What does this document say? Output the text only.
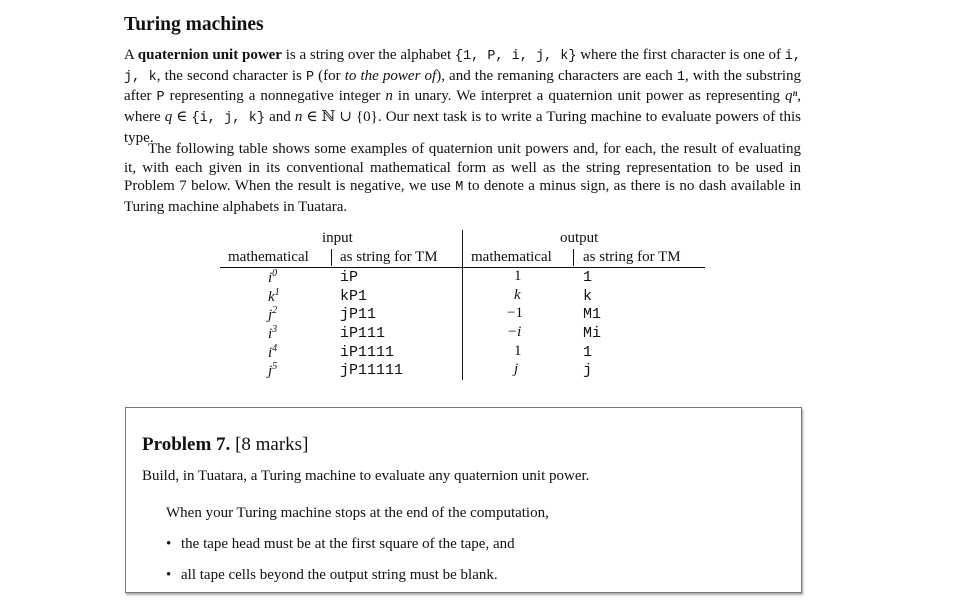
Turing machines

A quaternion unit power is a string over the alphabet {1, P, i, j, k} where the first character is one of i, j, k, the second character is P (for to the power of), and the remaning characters are each 1, with the substring after P representing a nonnegative integer n in unary. We interpret a quaternion unit power as representing qⁿ, where q ∈ {i, j, k} and n ∈ ℕ ∪ {0}. Our next task is to write a Turing machine to evaluate powers of this type.

The following table shows some examples of quaternion unit powers and, for each, the result of evaluating it, with each given in its conventional mathematical form as well as the string representation to be used in Problem 7 below. When the result is negative, we use M to denote a minus sign, as there is no dash available in Turing machine alphabets in Tuatara.

input	output
mathematical as string for TM mathematical as string for TM
$i^0$	iP	1	1
$k^1$	kP1	k	k
$j^2$	jP11	−1	M1
$i^3$	iP111	−i	Mi
$i^4$	iP1111	1	1
$j^5$	jP11111	j	j
Problem 7. [8 marks]
Build, in Tuatara, a Turing machine to evaluate any quaternion unit power.
When your Turing machine stops at the end of the computation,
• the tape head must be at the first square of the tape, and
• all tape cells beyond the output string must be blank.
